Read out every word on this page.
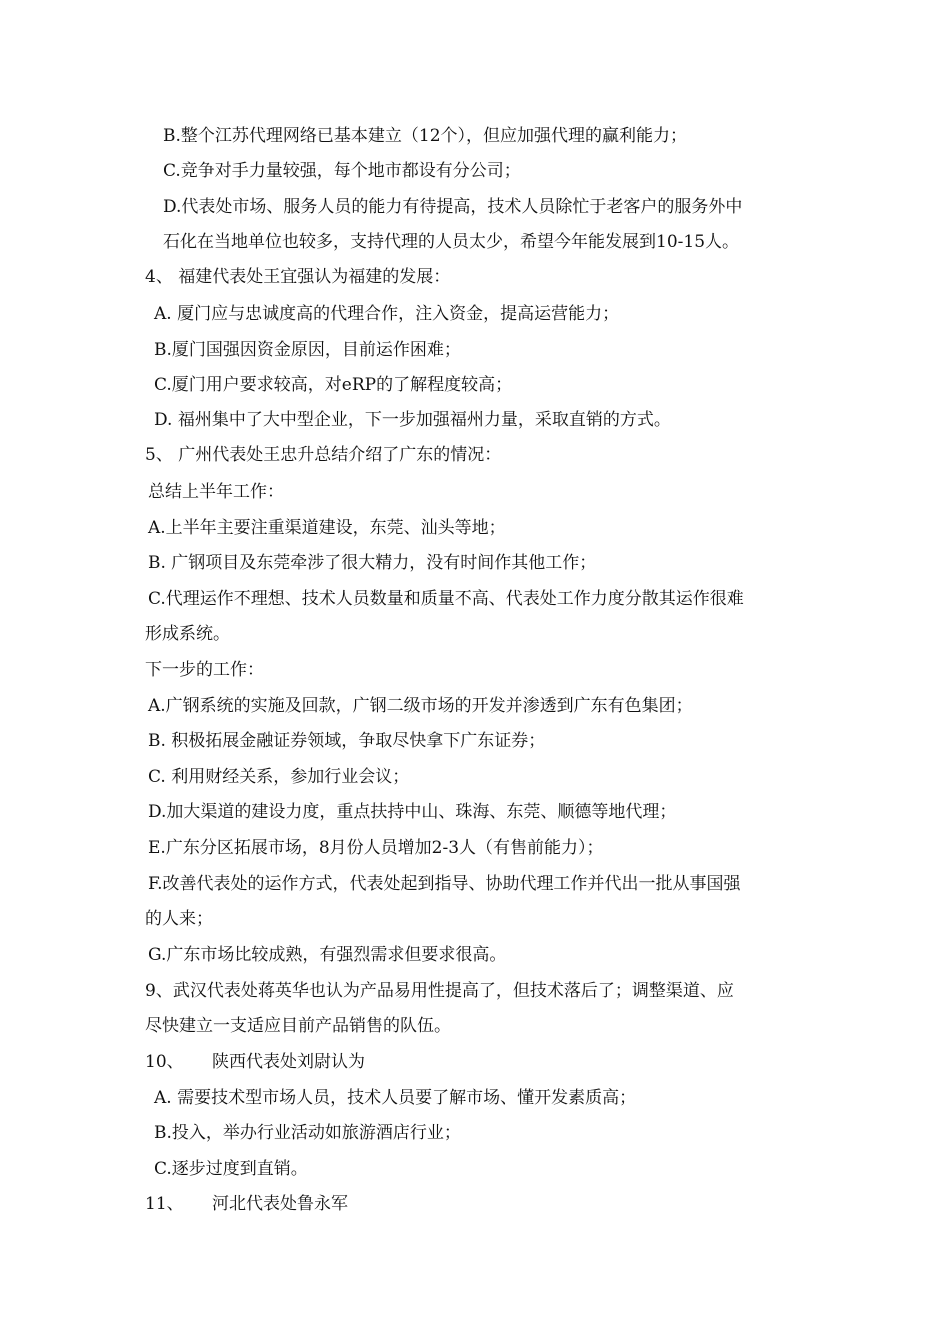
B.整个江苏代理网络已基本建立（12个），但应加强代理的赢利能力；
C.竞争对手力量较强，每个地市都设有分公司；
D.代表处市场、服务人员的能力有待提高，技术人员除忙于老客户的服务外中
石化在当地单位也较多，支持代理的人员太少，希望今年能发展到10-15人。
4、 福建代表处王宜强认为福建的发展：
A. 厦门应与忠诚度高的代理合作，注入资金，提高运营能力；
B.厦门国强因资金原因，目前运作困难；
C.厦门用户要求较高，对eRP的了解程度较高；
D. 福州集中了大中型企业，下一步加强福州力量，采取直销的方式。
5、 广州代表处王忠升总结介绍了广东的情况：
总结上半年工作：
A.上半年主要注重渠道建设，东莞、汕头等地；
B. 广钢项目及东莞牵涉了很大精力，没有时间作其他工作；
C.代理运作不理想、技术人员数量和质量不高、代表处工作力度分散其运作很难
形成系统。
下一步的工作：
A.广钢系统的实施及回款，广钢二级市场的开发并渗透到广东有色集团；
B. 积极拓展金融证券领域，争取尽快拿下广东证券；
C. 利用财经关系，参加行业会议；
D.加大渠道的建设力度，重点扶持中山、珠海、东莞、顺德等地代理；
E.广东分区拓展市场，8月份人员增加2-3人（有售前能力）；
F.改善代表处的运作方式，代表处起到指导、协助代理工作并代出一批从事国强
的人来；
G.广东市场比较成熟，有强烈需求但要求很高。
9、武汉代表处蒋英华也认为产品易用性提高了，但技术落后了；调整渠道、应
尽快建立一支适应目前产品销售的队伍。
10、 陕西代表处刘尉认为
A. 需要技术型市场人员，技术人员要了解市场、懂开发素质高；
B.投入，举办行业活动如旅游酒店行业；
C.逐步过度到直销。
11、 河北代表处鲁永军
